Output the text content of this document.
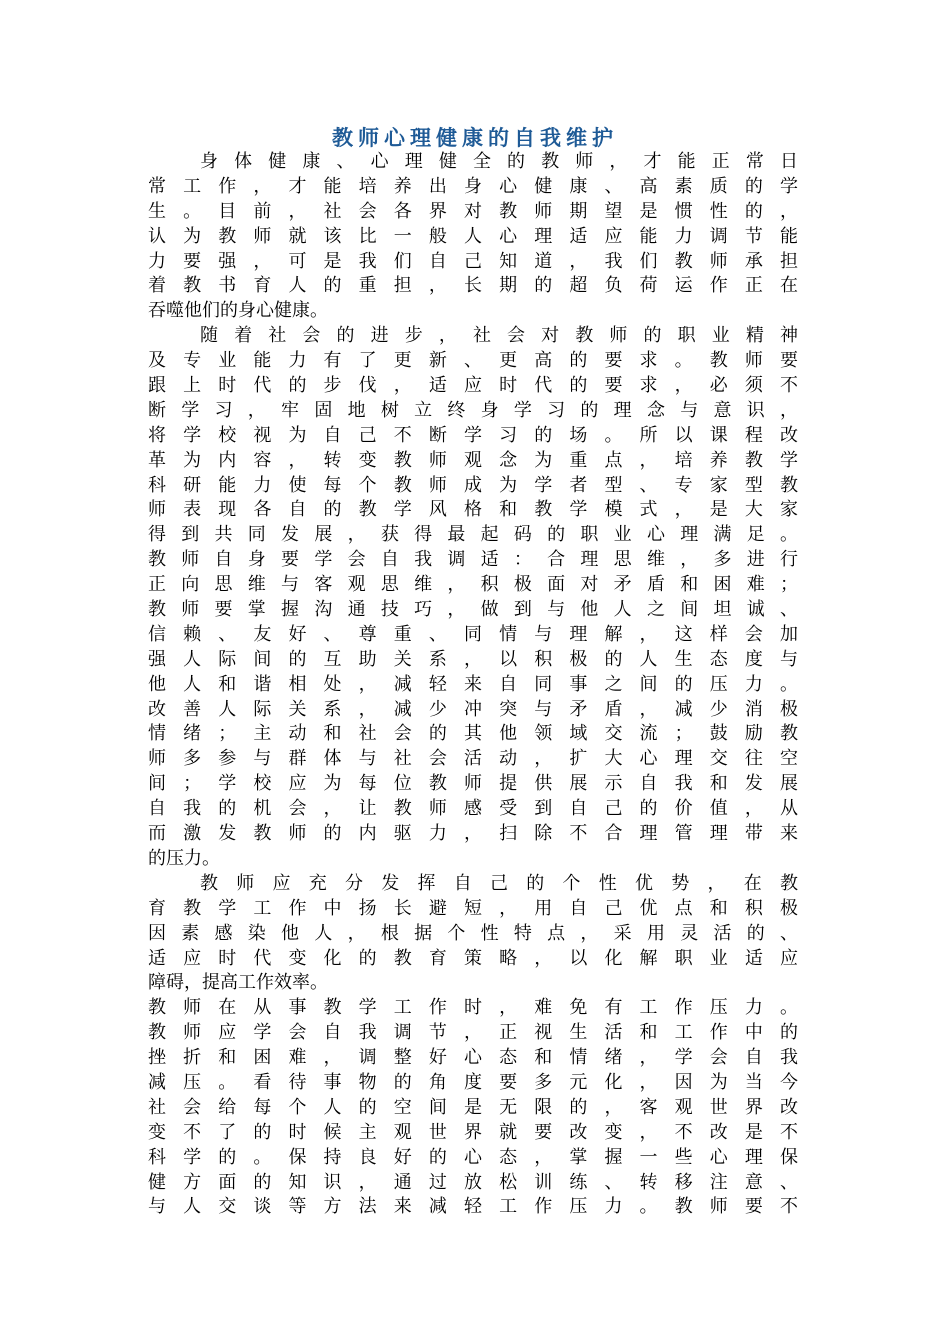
教师心理健康的自我维护
身体健康、心理健全的教师，才能正常日
常工作，才能培养出身心健康、高素质的学
生。目前，社会各界对教师期望是惯性的，
认为教师就该比一般人心理适应能力调节能
力要强，可是我们自己知道，我们教师承担
着教书育人的重担，长期的超负荷运作正在
吞噬他们的身心健康。
随着社会的进步，社会对教师的职业精神
及专业能力有了更新、更高的要求。教师要
跟上时代的步伐，适应时代的要求，必须不
断学习，牢固地树立终身学习的理念与意识，
将学校视为自己不断学习的场。所以课程改
革为内容，转变教师观念为重点，培养教学
科研能力使每个教师成为学者型、专家型教
师表现各自的教学风格和教学模式，是大家
得到共同发展，获得最起码的职业心理满足。
教师自身要学会自我调适：合理思维，多进行
正向思维与客观思维，积极面对矛盾和困难；
教师要掌握沟通技巧，做到与他人之间坦诚、
信赖、友好、尊重、同情与理解，这样会加
强人际间的互助关系，以积极的人生态度与
他人和谐相处，减轻来自同事之间的压力。
改善人际关系，减少冲突与矛盾，减少消极
情绪；主动和社会的其他领域交流；鼓励教
师多参与群体与社会活动，扩大心理交往空
间；学校应为每位教师提供展示自我和发展
自我的机会，让教师感受到自己的价值，从
而激发教师的内驱力，扫除不合理管理带来
的压力。
教师应充分发挥自己的个性优势，在教
育教学工作中扬长避短，用自己优点和积极
因素感染他人，根据个性特点，采用灵活的、
适应时代变化的教育策略，以化解职业适应
障碍，提高工作效率。
教师在从事教学工作时，难免有工作压力。
教师应学会自我调节，正视生活和工作中的
挫折和困难，调整好心态和情绪，学会自我
减压。看待事物的角度要多元化，因为当今
社会给每个人的空间是无限的，客观世界改
变不了的时候主观世界就要改变，不改是不
科学的。保持良好的心态，掌握一些心理保
健方面的知识，通过放松训练、转移注意、
与人交谈等方法来减轻工作压力。教师要不
